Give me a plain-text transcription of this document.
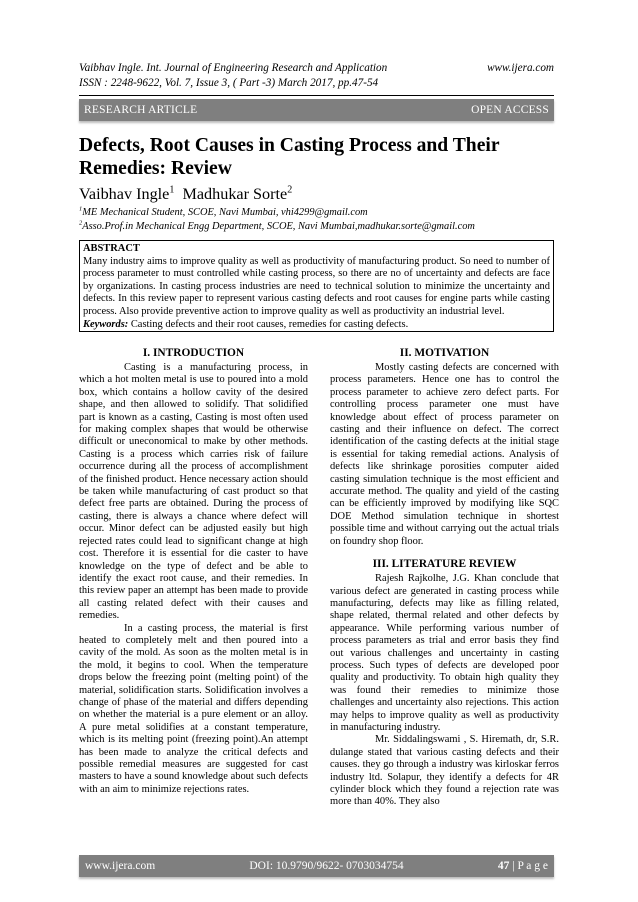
Vaibhav Ingle. Int. Journal of Engineering Research and Application	www.ijera.com
ISSN : 2248-9622, Vol. 7, Issue 3, ( Part -3) March 2017, pp.47-54
RESEARCH ARTICLE	OPEN ACCESS
Defects, Root Causes in Casting Process and Their Remedies: Review
Vaibhav Ingle$^1$ Madhukar Sorte$^2$
$^1$ME Mechanical Student, SCOE, Navi Mumbai, vhi4299@gmail.com
$^2$Asso.Prof.in Mechanical Engg Department, SCOE, Navi Mumbai,madhukar.sorte@gmail.com
ABSTRACT
Many industry aims to improve quality as well as productivity of manufacturing product. So need to number of process parameter to must controlled while casting process, so there are no of uncertainty and defects are face by organizations. In casting process industries are need to technical solution to minimize the uncertainty and defects. In this review paper to represent various casting defects and root causes for engine parts while casting process. Also provide preventive action to improve quality as well as productivity an industrial level.
Keywords: Casting defects and their root causes, remedies for casting defects.
I. INTRODUCTION

Casting is a manufacturing process, in which a hot molten metal is use to poured into a mold box, which contains a hollow cavity of the desired shape, and then allowed to solidify. That solidified part is known as a casting, Casting is most often used for making complex shapes that would be otherwise difficult or uneconomical to make by other methods. Casting is a process which carries risk of failure occurrence during all the process of accomplishment of the finished product. Hence necessary action should be taken while manufacturing of cast product so that defect free parts are obtained. During the process of casting, there is always a chance where defect will occur. Minor defect can be adjusted easily but high rejected rates could lead to significant change at high cost. Therefore it is essential for die caster to have knowledge on the type of defect and be able to identify the exact root cause, and their remedies. In this review paper an attempt has been made to provide all casting related defect with their causes and remedies.

In a casting process, the material is first heated to completely melt and then poured into a cavity of the mold. As soon as the molten metal is in the mold, it begins to cool. When the temperature drops below the freezing point (melting point) of the material, solidification starts. Solidification involves a change of phase of the material and differs depending on whether the material is a pure element or an alloy. A pure metal solidifies at a constant temperature, which is its melting point (freezing point).An attempt has been made to analyze the critical defects and possible remedial measures are suggested for cast masters to have a sound knowledge about such defects with an aim to minimize rejections rates.

II. MOTIVATION

Mostly casting defects are concerned with process parameters. Hence one has to control the process parameter to achieve zero defect parts. For controlling process parameter one must have knowledge about effect of process parameter on casting and their influence on defect. The correct identification of the casting defects at the initial stage is essential for taking remedial actions. Analysis of defects like shrinkage porosities computer aided casting simulation technique is the most efficient and accurate method. The quality and yield of the casting can be efficiently improved by modifying like SQC DOE Method simulation technique in shortest possible time and without carrying out the actual trials on foundry shop floor.

III. LITERATURE REVIEW

Rajesh Rajkolhe, J.G. Khan conclude that various defect are generated in casting process while manufacturing, defects may like as filling related, shape related, thermal related and other defects by appearance. While performing various number of process parameters as trial and error basis they find out various challenges and uncertainty in casting process. Such types of defects are developed poor quality and productivity. To obtain high quality they was found their remedies to minimize those challenges and uncertainty also rejections. This action may helps to improve quality as well as productivity in manufacturing industry.

Mr. Siddalingswami , S. Hiremath, dr, S.R. dulange stated that various casting defects and their causes. they go through a industry was kirloskar ferros industry ltd. Solapur, they identify a defects for 4R cylinder block which they found a rejection rate was more than 40%. They also

www.ijera.com	DOI: 10.9790/9622- 0703034754	47 | P a g e
